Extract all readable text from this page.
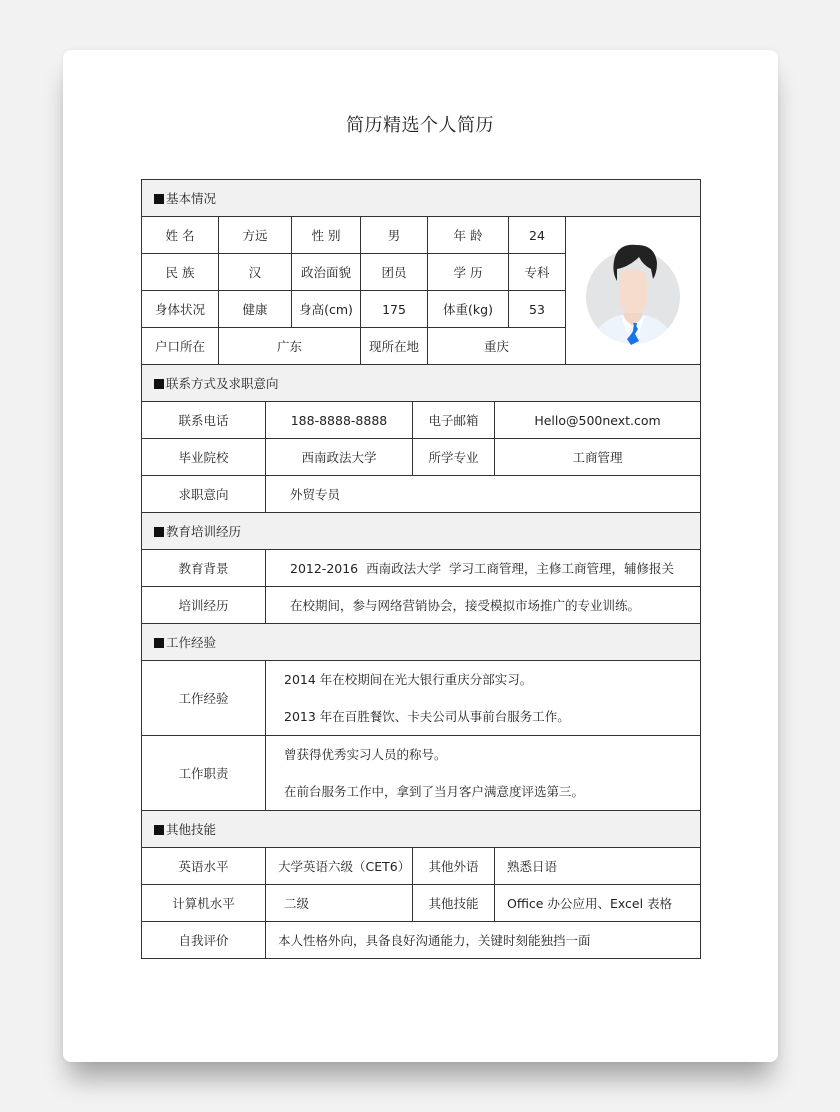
简历精选个人简历
基本情况									
姓 名	方远		性 别	男		年 龄		24	

民 族	汉		政治面貌	团员		学 历		专科	
身体状况	健康		身高(cm)	175		体重(kg)		53	
户口所在	广东			现所在地		重庆			
联系方式及求职意向									
联系电话		188-8888-8888			电子邮箱		Hello@500next.com		
毕业院校		西南政法大学			所学专业		工商管理		
求职意向		外贸专员							
教育培训经历									
教育背景		2012-2016  西南政法大学  学习工商管理，主修工商管理，辅修报关							
培训经历		在校期间，参与网络营销协会，接受模拟市场推广的专业训练。							
工作经验									
工作经验		2014 年在校期间在光大银行重庆分部实习。
2013 年在百胜餐饮、卡夫公司从事前台服务工作。							

工作职责		曾获得优秀实习人员的称号。
在前台服务工作中，拿到了当月客户满意度评选第三。							

其他技能									
英语水平		大学英语六级（CET6）			其他外语		熟悉日语		
计算机水平		二级			其他技能		Office 办公应用、Excel 表格		
自我评价		本人性格外向，具备良好沟通能力，关键时刻能独挡一面							
